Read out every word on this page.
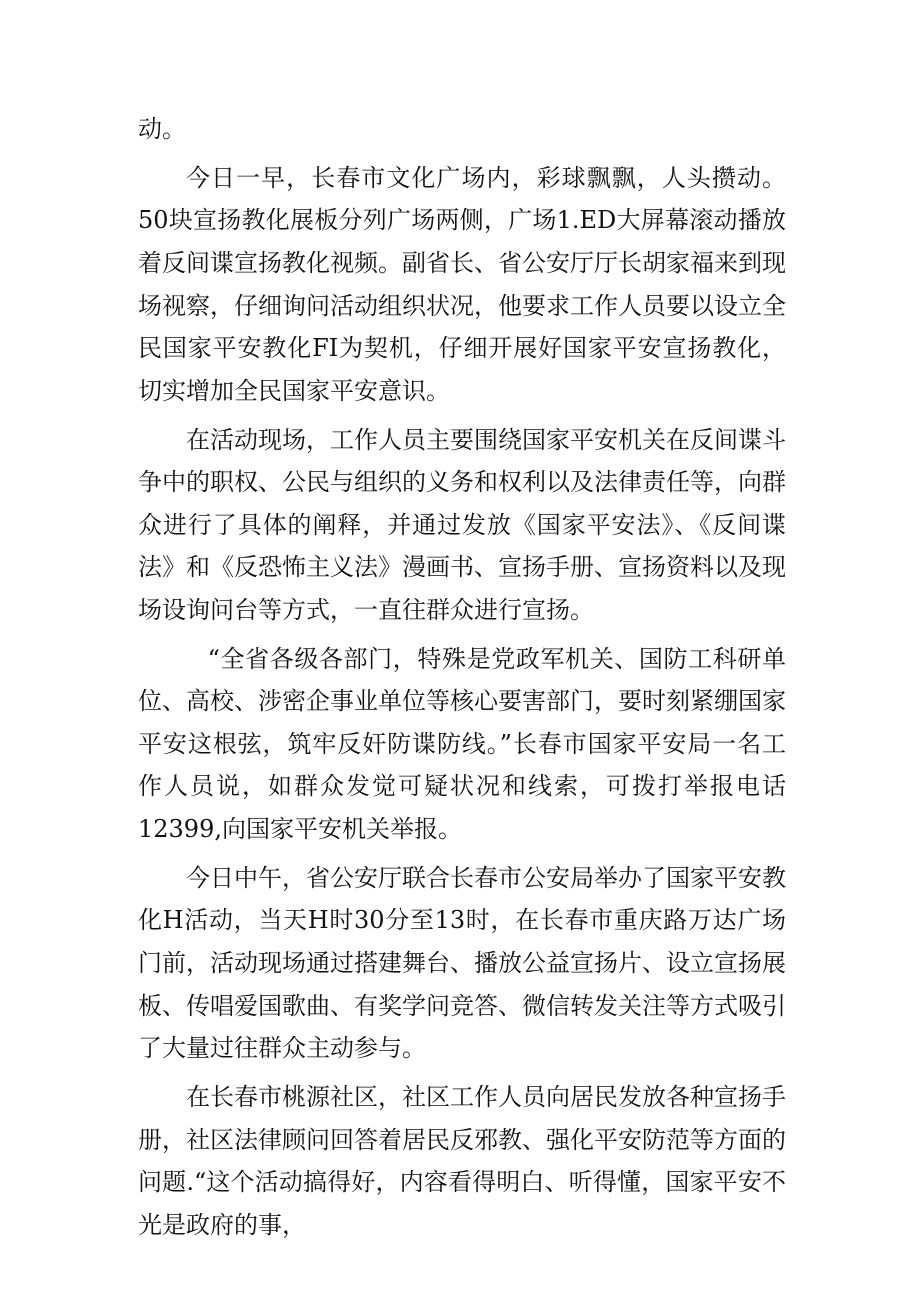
动。

今日一早，长春市文化广场内，彩球飘飘，人头攒动。50块宣扬教化展板分列广场两侧，广场1.ED大屏幕滚动播放着反间谍宣扬教化视频。副省长、省公安厅厅长胡家福来到现场视察，仔细询问活动组织状况，他要求工作人员要以设立全民国家平安教化FI为契机，仔细开展好国家平安宣扬教化，切实增加全民国家平安意识。

在活动现场，工作人员主要围绕国家平安机关在反间谍斗争中的职权、公民与组织的义务和权利以及法律责任等，向群众进行了具体的阐释，并通过发放《国家平安法》、《反间谍法》和《反恐怖主义法》漫画书、宣扬手册、宣扬资料以及现场设询问台等方式，一直往群众进行宣扬。

“全省各级各部门，特殊是党政军机关、国防工科研单位、高校、涉密企事业单位等核心要害部门，要时刻紧绷国家平安这根弦，筑牢反奸防谍防线。”长春市国家平安局一名工作人员说，如群众发觉可疑状况和线索，可拨打举报电话12399,向国家平安机关举报。

今日中午，省公安厅联合长春市公安局举办了国家平安教化H活动，当天H时30分至13时，在长春市重庆路万达广场门前，活动现场通过搭建舞台、播放公益宣扬片、设立宣扬展板、传唱爱国歌曲、有奖学问竞答、微信转发关注等方式吸引了大量过往群众主动参与。

在长春市桃源社区，社区工作人员向居民发放各种宣扬手册，社区法律顾问回答着居民反邪教、强化平安防范等方面的问题.“这个活动搞得好，内容看得明白、听得懂，国家平安不光是政府的事，
